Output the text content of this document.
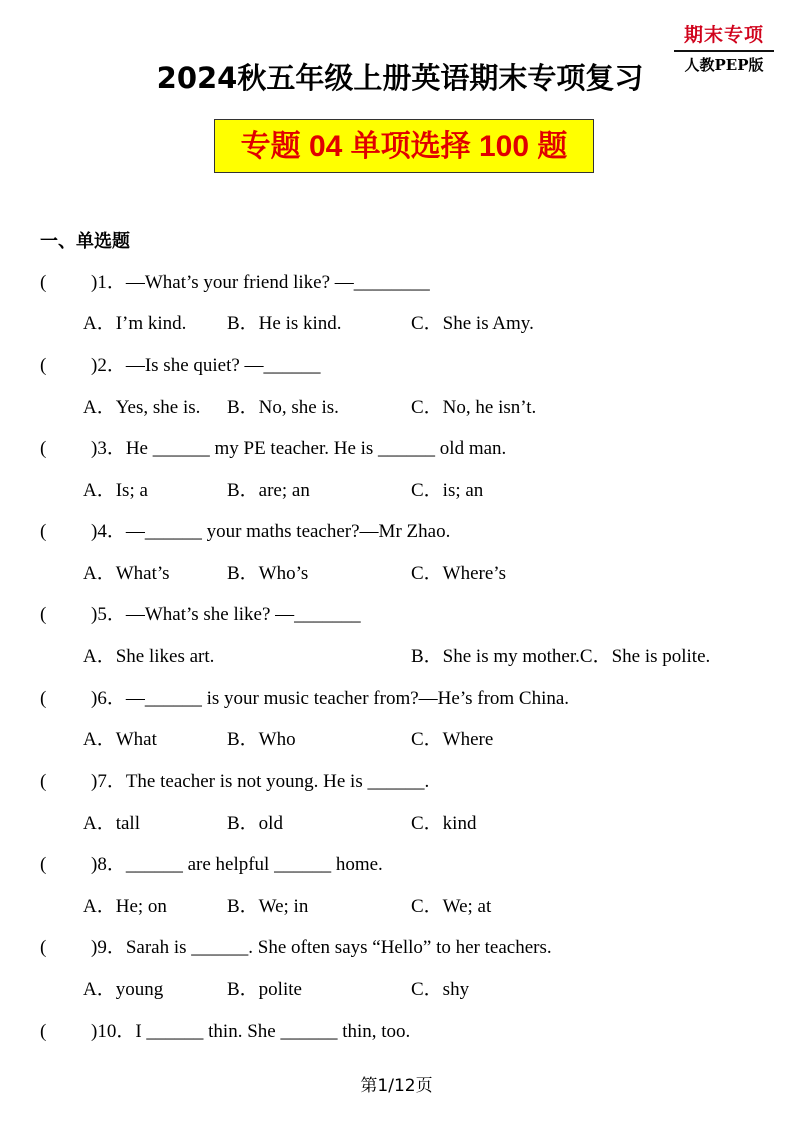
期末专项
人教PEP版
2024秋五年级上册英语期末专项复习
专题 04 单项选择 100 题
一、单选题
( )1．—What’s your friend like? —________
A．I’m kind. B．He is kind.	C．She is Amy.
( )2．—Is she quiet? —______
A．Yes, she is. B．No, she is.	C．No, he isn’t.
( )3．He ______ my PE teacher. He is ______ old man.
A．Is; a	B．are; an	C．is; an
( )4．—______ your maths teacher?—Mr Zhao.
A．What’s	B．Who’s	C．Where’s
( )5．—What’s she like? —_______
A．She likes art.	B．She is my mother.C．She is polite.
( )6．—______ is your music teacher from?—He’s from China.
A．What	B．Who	C．Where
( )7．The teacher is not young. He is ______.
A．tall	B．old	C．kind
( )8．______ are helpful ______ home.
A．He; on	B．We; in	C．We; at
( )9．Sarah is ______. She often says “Hello” to her teachers.
A．young	B．polite	C．shy
( )10．I ______ thin. She ______ thin, too.
第1/12页
